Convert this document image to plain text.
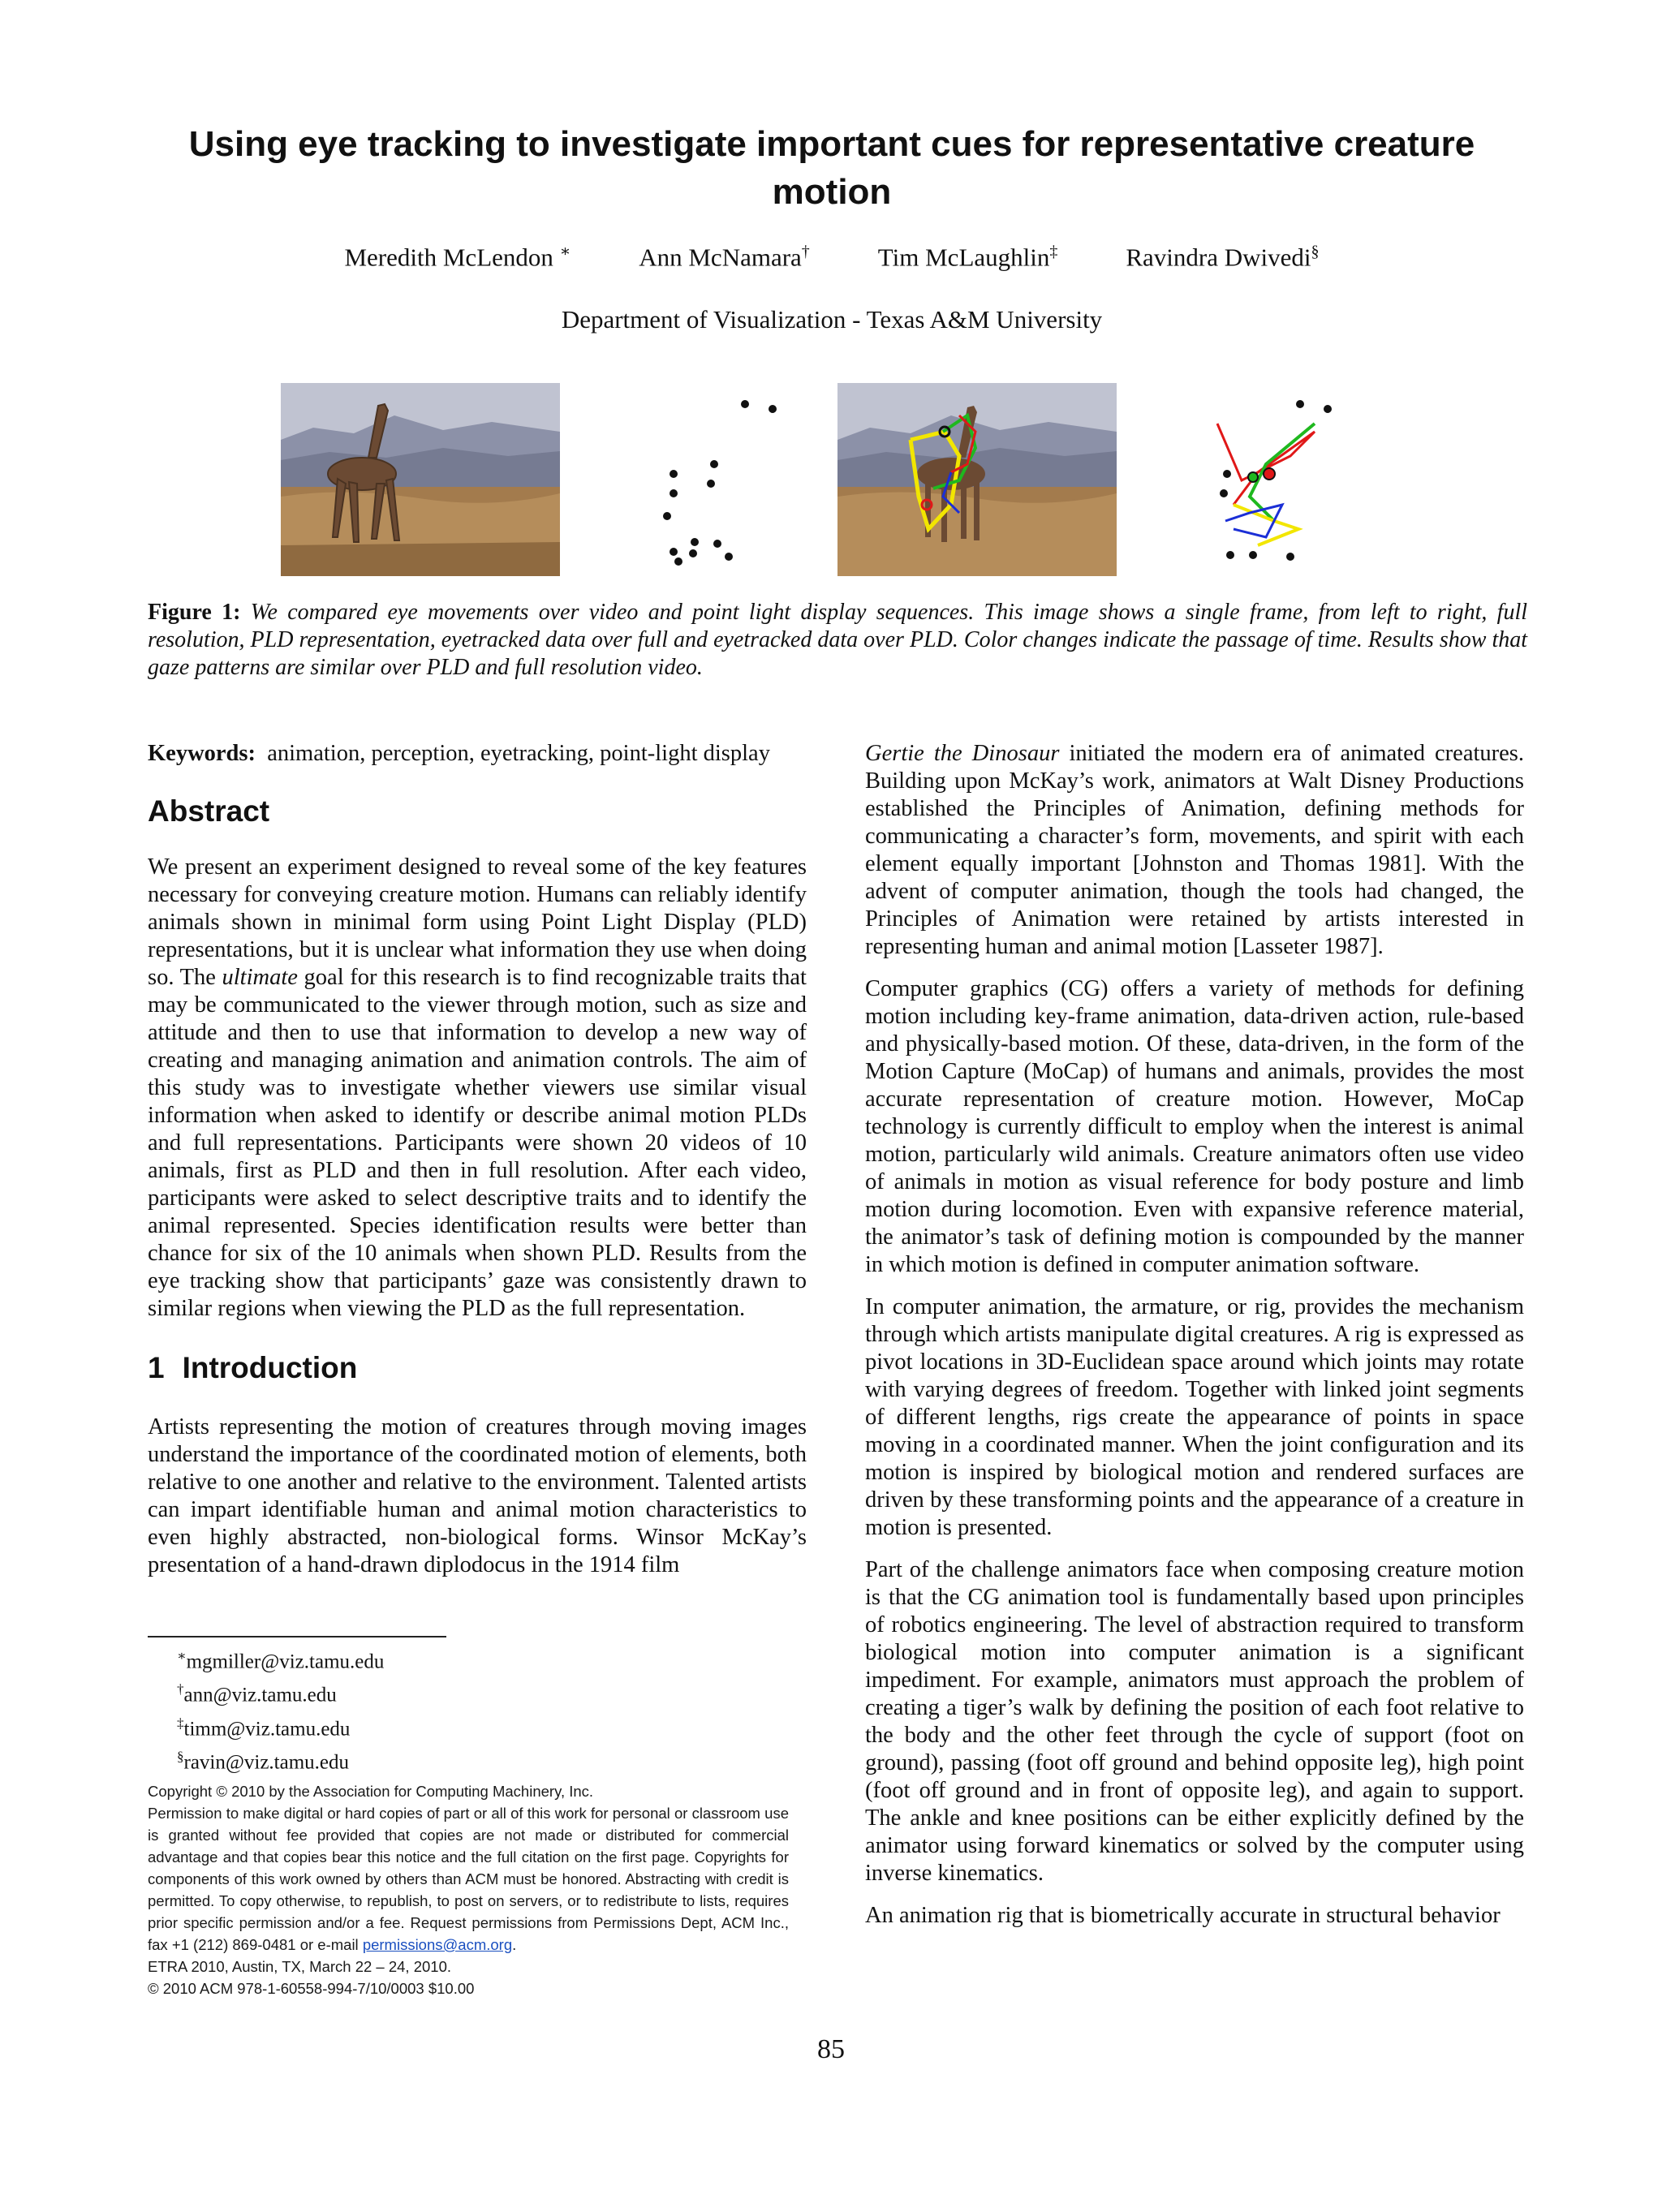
Using eye tracking to investigate important cues for representative creature motion
Meredith McLendon ∗	Ann McNamara†	Tim McLaughlin‡	Ravindra Dwivedi§
Department of Visualization - Texas A&M University
Figure 1: We compared eye movements over video and point light display sequences. This image shows a single frame, from left to right, full resolution, PLD representation, eyetracked data over full and eyetracked data over PLD. Color changes indicate the passage of time. Results show that gaze patterns are similar over PLD and full resolution video.

Keywords: animation, perception, eyetracking, point-light display

Abstract

We present an experiment designed to reveal some of the key features necessary for conveying creature motion. Humans can reliably identify animals shown in minimal form using Point Light Display (PLD) representations, but it is unclear what information they use when doing so. The ultimate goal for this research is to find recognizable traits that may be communicated to the viewer through motion, such as size and attitude and then to use that information to develop a new way of creating and managing animation and animation controls. The aim of this study was to investigate whether viewers use similar visual information when asked to identify or describe animal motion PLDs and full representations. Participants were shown 20 videos of 10 animals, first as PLD and then in full resolution. After each video, participants were asked to select descriptive traits and to identify the animal represented. Species identification results were better than chance for six of the 10 animals when shown PLD. Results from the eye tracking show that participants’ gaze was consistently drawn to similar regions when viewing the PLD as the full representation.

1 Introduction

Artists representing the motion of creatures through moving images understand the importance of the coordinated motion of elements, both relative to one another and relative to the environment. Talented artists can impart identifiable human and animal motion characteristics to even highly abstracted, non-biological forms. Winsor McKay’s presentation of a hand-drawn diplodocus in the 1914 film

∗mgmiller@viz.tamu.edu
†ann@viz.tamu.edu
‡timm@viz.tamu.edu
§ravin@viz.tamu.edu
Copyright © 2010 by the Association for Computing Machinery, Inc.
Permission to make digital or hard copies of part or all of this work for personal or classroom use is granted without fee provided that copies are not made or distributed for commercial advantage and that copies bear this notice and the full citation on the first page. Copyrights for components of this work owned by others than ACM must be honored. Abstracting with credit is permitted. To copy otherwise, to republish, to post on servers, or to redistribute to lists, requires prior specific permission and/or a fee. Request permissions from Permissions Dept, ACM Inc., fax +1 (212) 869-0481 or e-mail permissions@acm.org.
ETRA 2010, Austin, TX, March 22 – 24, 2010.
© 2010 ACM 978-1-60558-994-7/10/0003 $10.00

Gertie the Dinosaur initiated the modern era of animated creatures. Building upon McKay’s work, animators at Walt Disney Productions established the Principles of Animation, defining methods for communicating a character’s form, movements, and spirit with each element equally important [Johnston and Thomas 1981]. With the advent of computer animation, though the tools had changed, the Principles of Animation were retained by artists interested in representing human and animal motion [Lasseter 1987].

Computer graphics (CG) offers a variety of methods for defining motion including key-frame animation, data-driven action, rule-based and physically-based motion. Of these, data-driven, in the form of the Motion Capture (MoCap) of humans and animals, provides the most accurate representation of creature motion. However, MoCap technology is currently difficult to employ when the interest is animal motion, particularly wild animals. Creature animators often use video of animals in motion as visual reference for body posture and limb motion during locomotion. Even with expansive reference material, the animator’s task of defining motion is compounded by the manner in which motion is defined in computer animation software.

In computer animation, the armature, or rig, provides the mechanism through which artists manipulate digital creatures. A rig is expressed as pivot locations in 3D-Euclidean space around which joints may rotate with varying degrees of freedom. Together with linked joint segments of different lengths, rigs create the appearance of points in space moving in a coordinated manner. When the joint configuration and its motion is inspired by biological motion and rendered surfaces are driven by these transforming points and the appearance of a creature in motion is presented.

Part of the challenge animators face when composing creature motion is that the CG animation tool is fundamentally based upon principles of robotics engineering. The level of abstraction required to transform biological motion into computer animation is a significant impediment. For example, animators must approach the problem of creating a tiger’s walk by defining the position of each foot relative to the body and the other feet through the cycle of support (foot on ground), passing (foot off ground and behind opposite leg), high point (foot off ground and in front of opposite leg), and again to support. The ankle and knee positions can be either explicitly defined by the animator using forward kinematics or solved by the computer using inverse kinematics.

An animation rig that is biometrically accurate in structural behavior

85
